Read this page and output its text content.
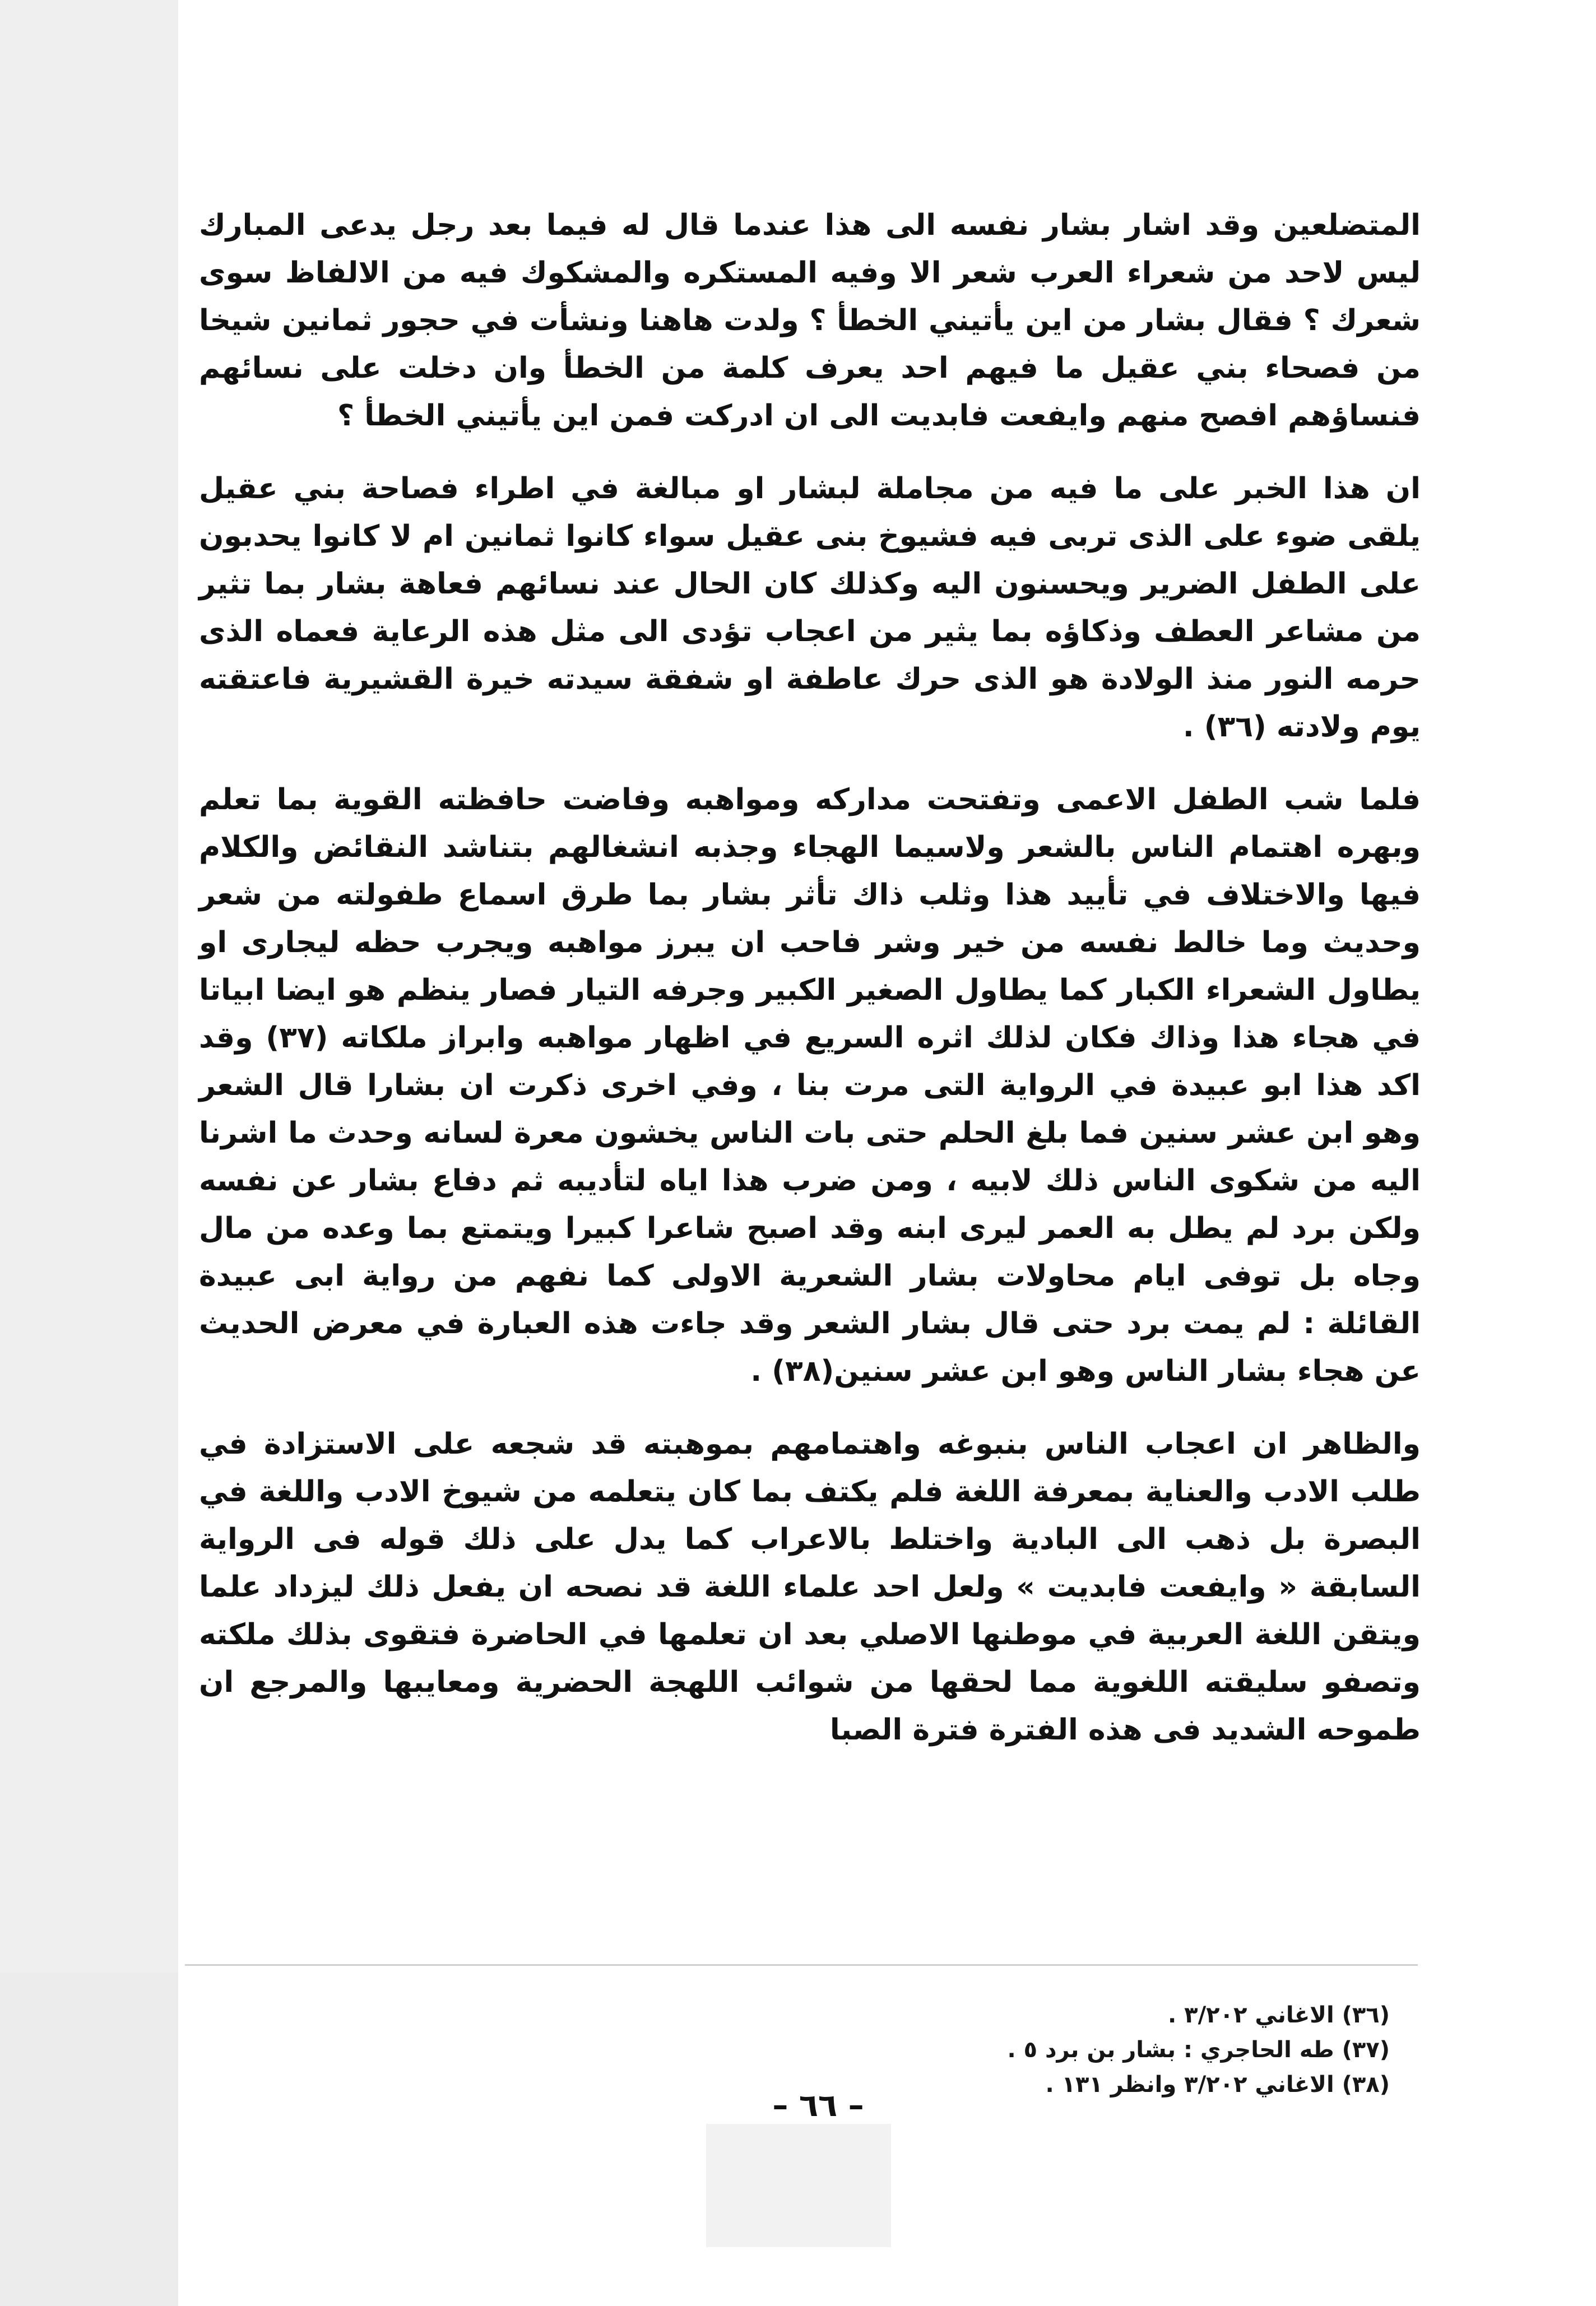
المتضلعين وقد اشار بشار نفسه الى هذا عندما قال له فيما بعد رجل يدعى المبارك ليس لاحد من شعراء العرب شعر الا وفيه المستكره والمشكوك فيه من الالفاظ سوى شعرك ؟ فقال بشار من اين يأتيني الخطأ ؟ ولدت هاهنا ونشأت في حجور ثمانين شيخا من فصحاء بني عقيل ما فيهم احد يعرف كلمة من الخطأ وان دخلت على نسائهم فنساؤهم افصح منهم وايفعت فابديت الى ان ادركت فمن اين يأتيني الخطأ ؟

ان هذا الخبر على ما فيه من مجاملة لبشار او مبالغة في اطراء فصاحة بني عقيل يلقى ضوء على الذى تربى فيه فشيوخ بنى عقيل سواء كانوا ثمانين ام لا كانوا يحدبون على الطفل الضرير ويحسنون اليه وكذلك كان الحال عند نسائهم فعاهة بشار بما تثير من مشاعر العطف وذكاؤه بما يثير من اعجاب تؤدى الى مثل هذه الرعاية فعماه الذى حرمه النور منذ الولادة هو الذى حرك عاطفة او شفقة سيدته خيرة القشيرية فاعتقته يوم ولادته (٣٦) .

فلما شب الطفل الاعمى وتفتحت مداركه ومواهبه وفاضت حافظته القوية بما تعلم وبهره اهتمام الناس بالشعر ولاسيما الهجاء وجذبه انشغالهم بتناشد النقائض والكلام فيها والاختلاف في تأييد هذا وثلب ذاك تأثر بشار بما طرق اسماع طفولته من شعر وحديث وما خالط نفسه من خير وشر فاحب ان يبرز مواهبه ويجرب حظه ليجارى او يطاول الشعراء الكبار كما يطاول الصغير الكبير وجرفه التيار فصار ينظم هو ايضا ابياتا في هجاء هذا وذاك فكان لذلك اثره السريع في اظهار مواهبه وابراز ملكاته (٣٧) وقد اكد هذا ابو عبيدة في الرواية التى مرت بنا ، وفي اخرى ذكرت ان بشارا قال الشعر وهو ابن عشر سنين فما بلغ الحلم حتى بات الناس يخشون معرة لسانه وحدث ما اشرنا اليه من شكوى الناس ذلك لابيه ، ومن ضرب هذا اياه لتأديبه ثم دفاع بشار عن نفسه ولكن برد لم يطل به العمر ليرى ابنه وقد اصبح شاعرا كبيرا ويتمتع بما وعده من مال وجاه بل توفى ايام محاولات بشار الشعرية الاولى كما نفهم من رواية ابى عبيدة القائلة : لم يمت برد حتى قال بشار الشعر وقد جاءت هذه العبارة في معرض الحديث عن هجاء بشار الناس وهو ابن عشر سنين(٣٨) .

والظاهر ان اعجاب الناس بنبوغه واهتمامهم بموهبته قد شجعه على الاستزادة في طلب الادب والعناية بمعرفة اللغة فلم يكتف بما كان يتعلمه من شيوخ الادب واللغة في البصرة بل ذهب الى البادية واختلط بالاعراب كما يدل على ذلك قوله فى الرواية السابقة « وايفعت فابديت » ولعل احد علماء اللغة قد نصحه ان يفعل ذلك ليزداد علما ويتقن اللغة العربية في موطنها الاصلي بعد ان تعلمها في الحاضرة فتقوى بذلك ملكته وتصفو سليقته اللغوية مما لحقها من شوائب اللهجة الحضرية ومعايبها والمرجع ان طموحه الشديد فى هذه الفترة فترة الصبا

(٣٦) الاغاني ٣/٢٠٢ .
(٣٧) طه الحاجري : بشار بن برد ٥ .
(٣٨) الاغاني ٣/٢٠٢ وانظر ١٣١ .
– ٦٦ –
